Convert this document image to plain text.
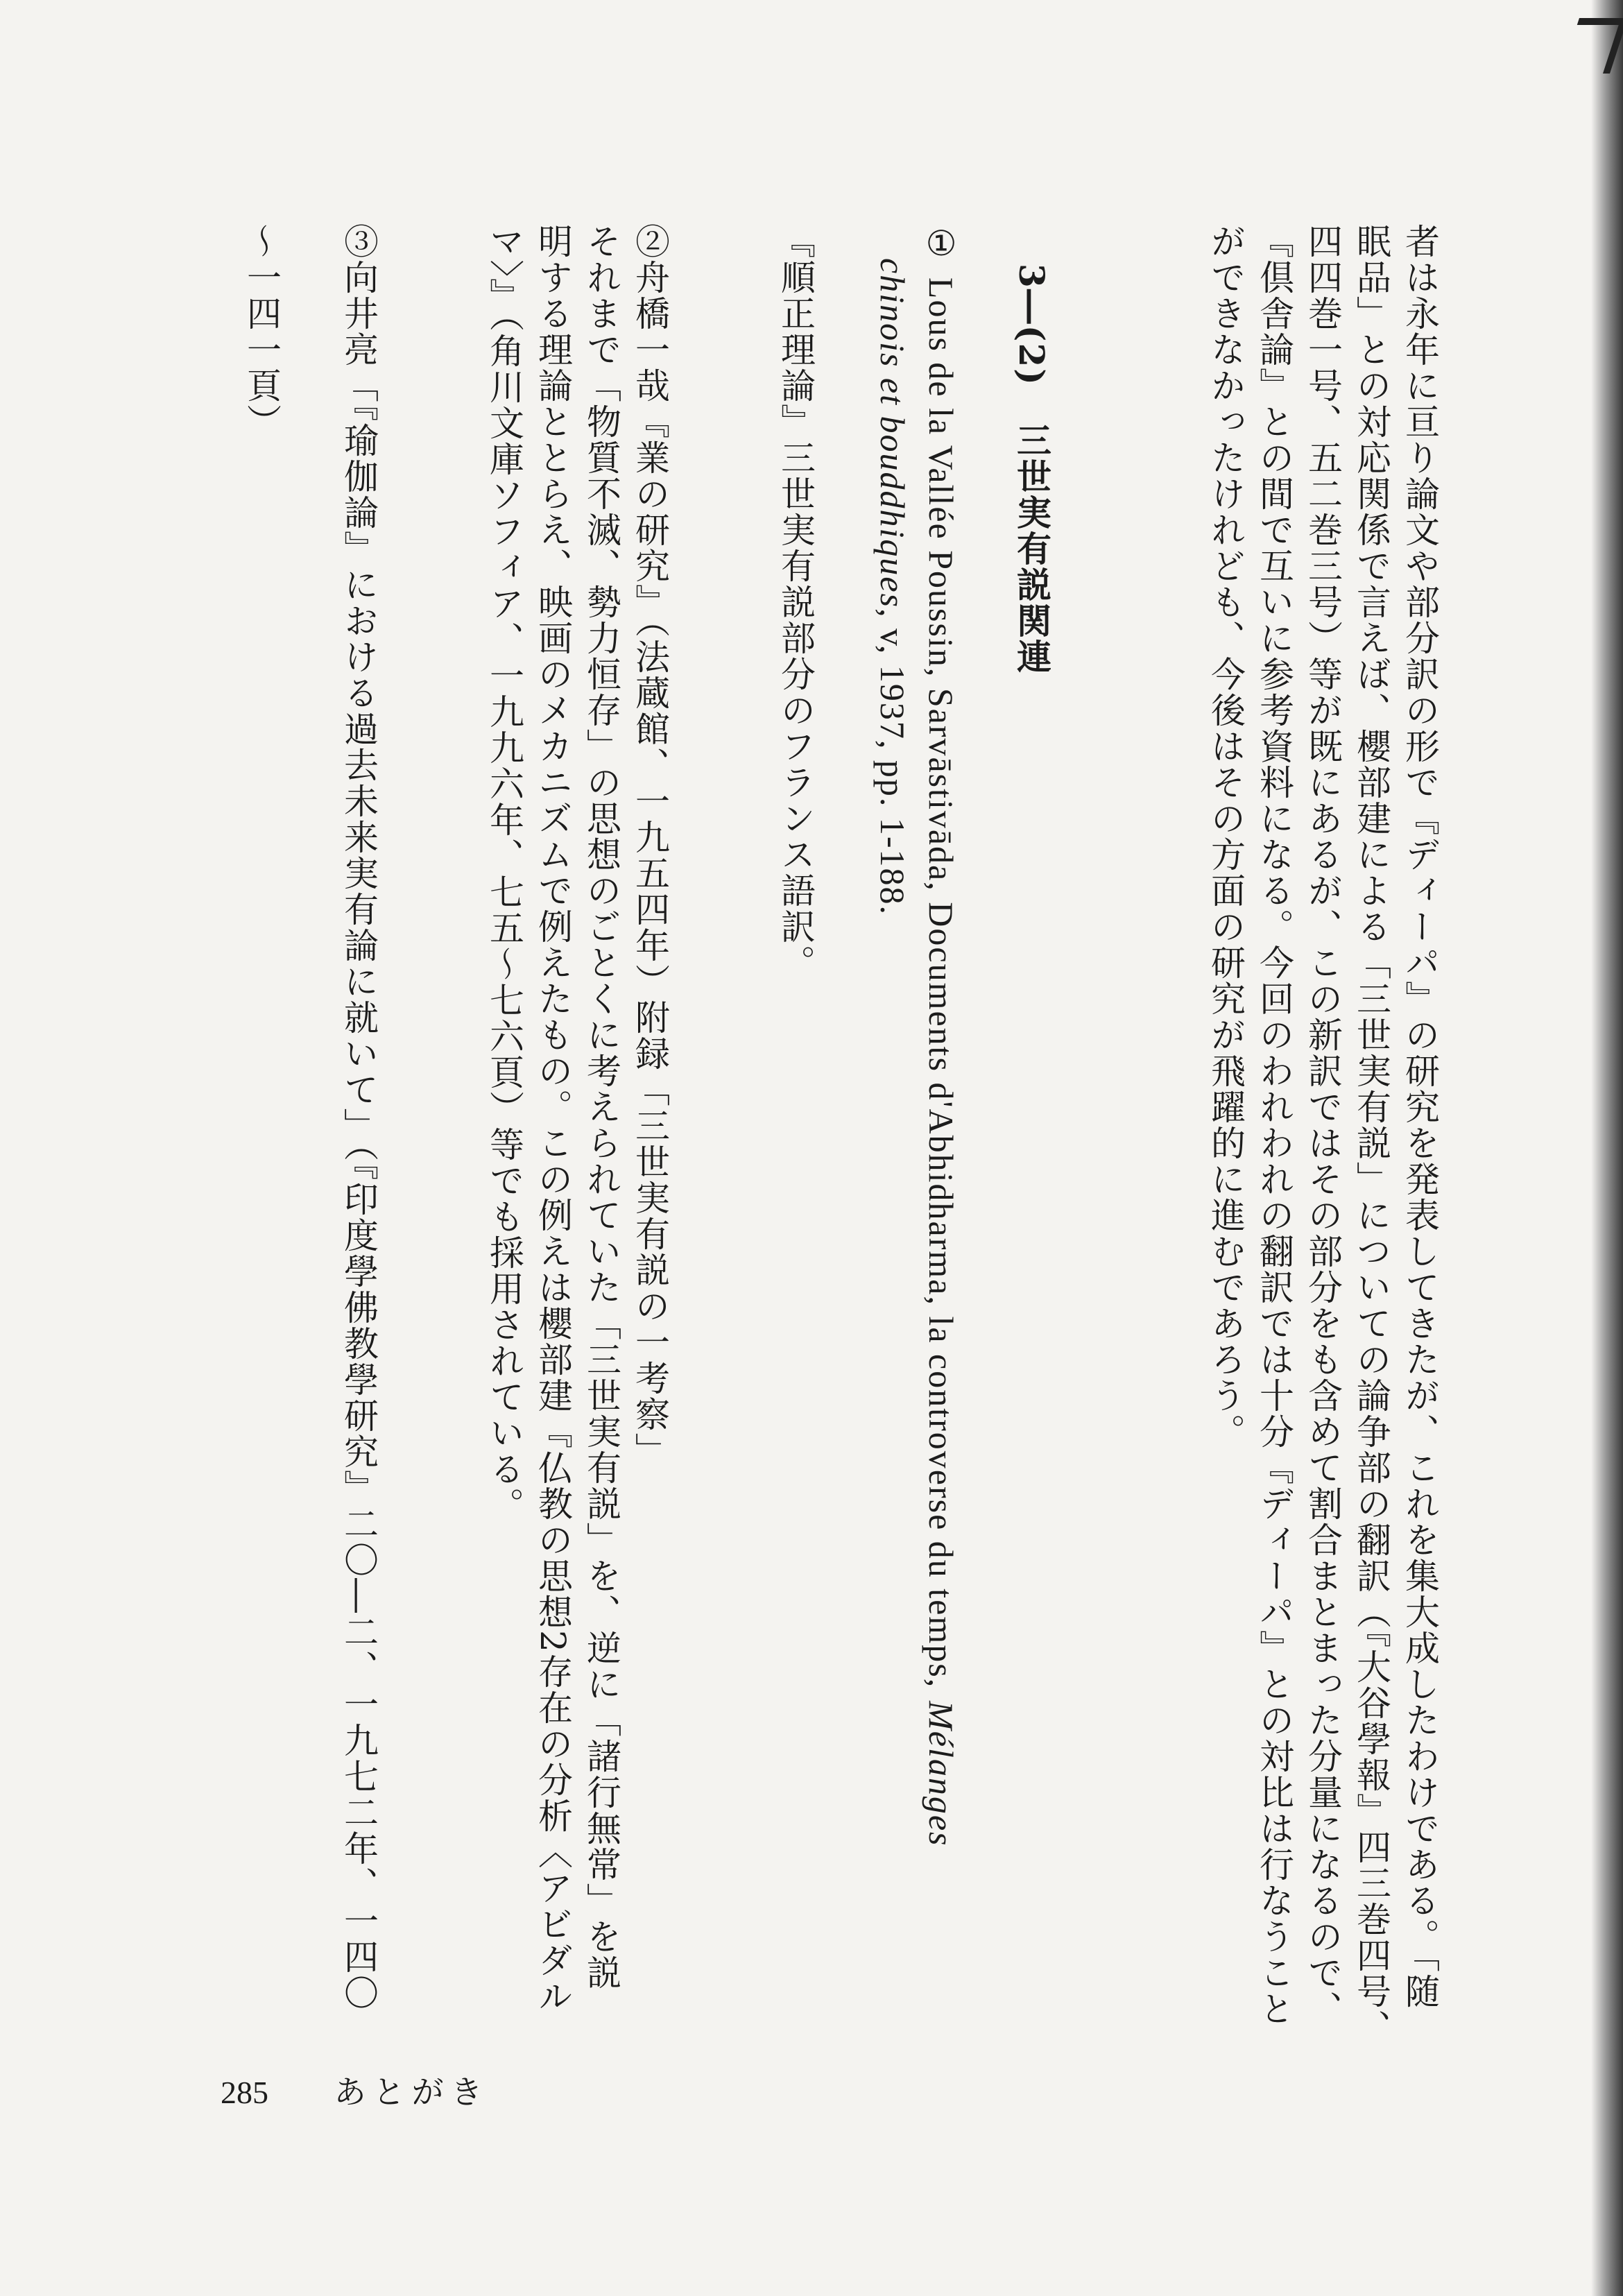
者は永年に亘り論文や部分訳の形で『ディーパ』の研究を発表してきたが、これを集大成したわけである。「随
眠品」との対応関係で言えば、櫻部建による「三世実有説」についての論争部の翻訳（『大谷學報』四三巻四号、
四四巻一号、五二巻三号）等が既にあるが、この新訳ではその部分をも含めて割合まとまった分量になるので、
『倶舎論』との間で互いに参考資料になる。今回のわれわれの翻訳では十分『ディーパ』との対比は行なうこと
ができなかったけれども、今後はその方面の研究が飛躍的に進むであろう。
3―(2)　三世実有説関連
① Lous de la Vallée Poussin, Sarvāstivāda, Documents d'Abhidharma, la controverse du temps, Mélanges
chinois et bouddhiques, v, 1937, pp. 1-188.
『順正理論』三世実有説部分のフランス語訳。
②舟橋一哉『業の研究』（法蔵館、一九五四年）附録「三世実有説の一考察」
それまで「物質不滅、勢力恒存」の思想のごとくに考えられていた「三世実有説」を、逆に「諸行無常」を説
明する理論ととらえ、映画のメカニズムで例えたもの。この例えは櫻部建『仏教の思想2存在の分析〈アビダル
マ〉』（角川文庫ソフィア、一九九六年、七五～七六頁）等でも採用されている。
③向井亮「『瑜伽論』における過去未来実有論に就いて」（『印度學佛教學研究』二〇―二、一九七二年、一四〇
～一四一頁）
285 あとがき
